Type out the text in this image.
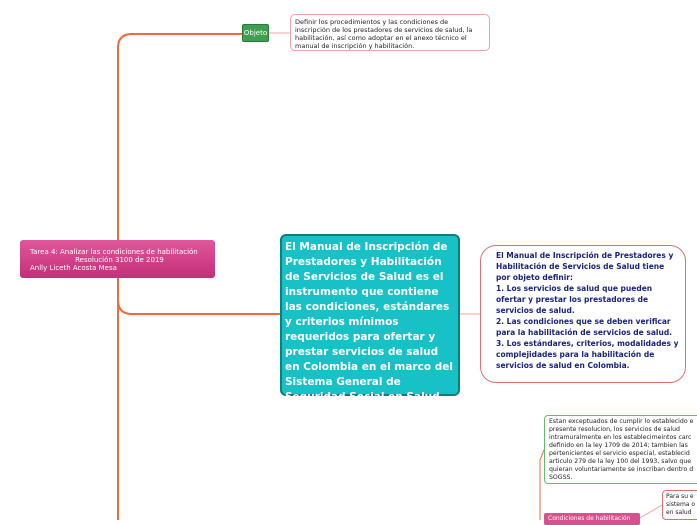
Tarea 4: Analizar las condiciones de habilitación
Resolución 3100 de 2019
Anlly Liceth Acosta Mesa
Objeto
Definir los procedimientos y las condiciones de inscripción de los prestadores de servicios de salud, la habilitación, así como adoptar en el anexo técnico el manual de inscripción y habilitación.
El Manual de Inscripción de Prestadores y Habilitación de Servicios de Salud es el instrumento que contiene las condiciones, estándares y criterios mínimos requeridos para ofertar y prestar servicios de salud en Colombia en el marco del Sistema General de Seguridad Social en Salud.
El Manual de Inscripción de Prestadores y Habilitación de Servicios de Salud tiene por objeto definir:
1. Los servicios de salud que pueden ofertar y prestar los prestadores de servicios de salud.
2. Las condiciones que se deben verificar para la habilitación de servicios de salud.
3. Los estándares, criterios, modalidades y complejidades para la habilitación de servicios de salud en Colombia.
Estan exceptuados de cumplir lo establecido e presente resolucion, los servicios de salud intramuralmente en los establecimeintos carc definido en la ley 1709 de 2014; tambien las pertenicientes el servicio especial, establecid articulo 279 de la ley 100 del 1993, salvo que quieran voluntariamente se inscriban dentro d SOGSS.
Condiciones de habilitación
Para su e sistema o en salud
